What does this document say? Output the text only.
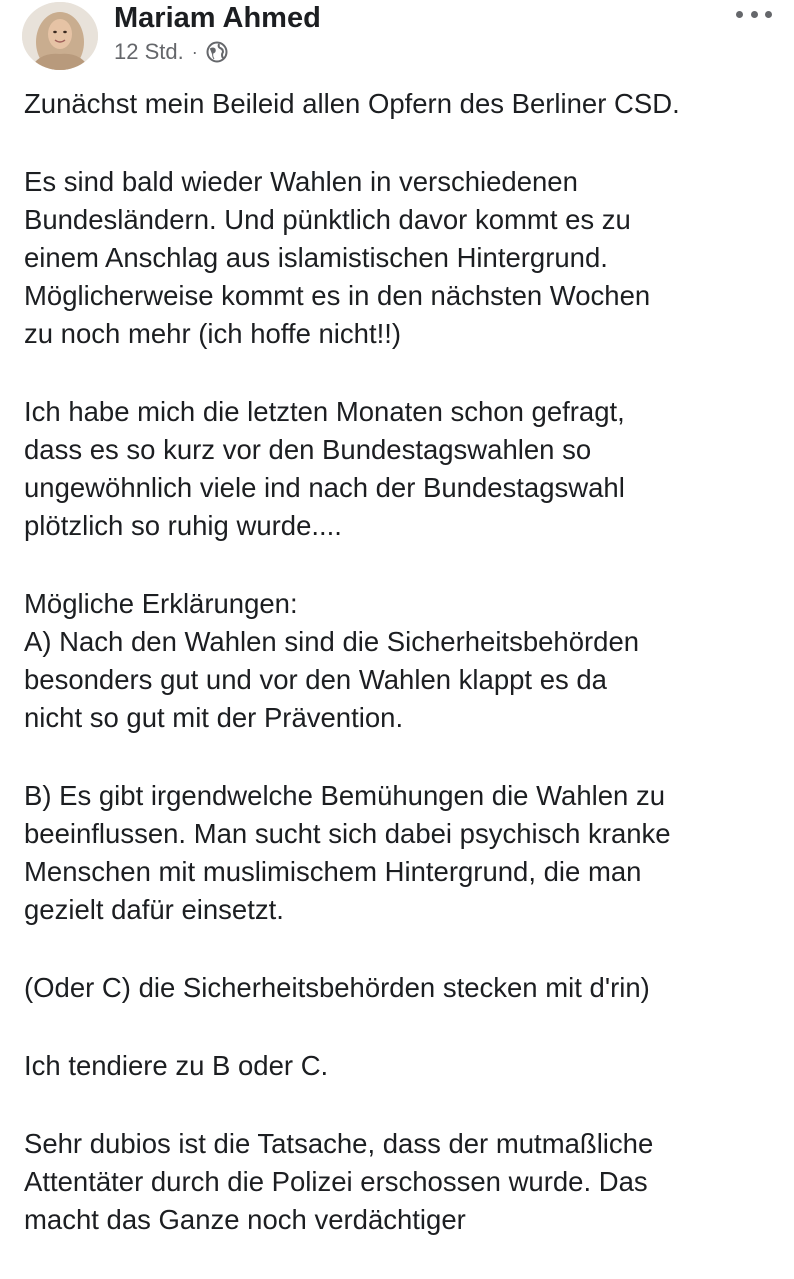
Mariam Ahmed
12 Std. ·

Zunächst mein Beileid allen Opfern des Berliner CSD.

Es sind bald wieder Wahlen in verschiedenen
Bundesländern. Und pünktlich davor kommt es zu
einem Anschlag aus islamistischen Hintergrund.
Möglicherweise kommt es in den nächsten Wochen
zu noch mehr (ich hoffe nicht!!)

Ich habe mich die letzten Monaten schon gefragt,
dass es so kurz vor den Bundestagswahlen so
ungewöhnlich viele ind nach der Bundestagswahl
plötzlich so ruhig wurde....

Mögliche Erklärungen:
A) Nach den Wahlen sind die Sicherheitsbehörden
besonders gut und vor den Wahlen klappt es da
nicht so gut mit der Prävention.

B) Es gibt irgendwelche Bemühungen die Wahlen zu
beeinflussen. Man sucht sich dabei psychisch kranke
Menschen mit muslimischem Hintergrund, die man
gezielt dafür einsetzt.

(Oder C) die Sicherheitsbehörden stecken mit d'rin)

Ich tendiere zu B oder C.

Sehr dubios ist die Tatsache, dass der mutmaßliche
Attentäter durch die Polizei erschossen wurde. Das
macht das Ganze noch verdächtiger
